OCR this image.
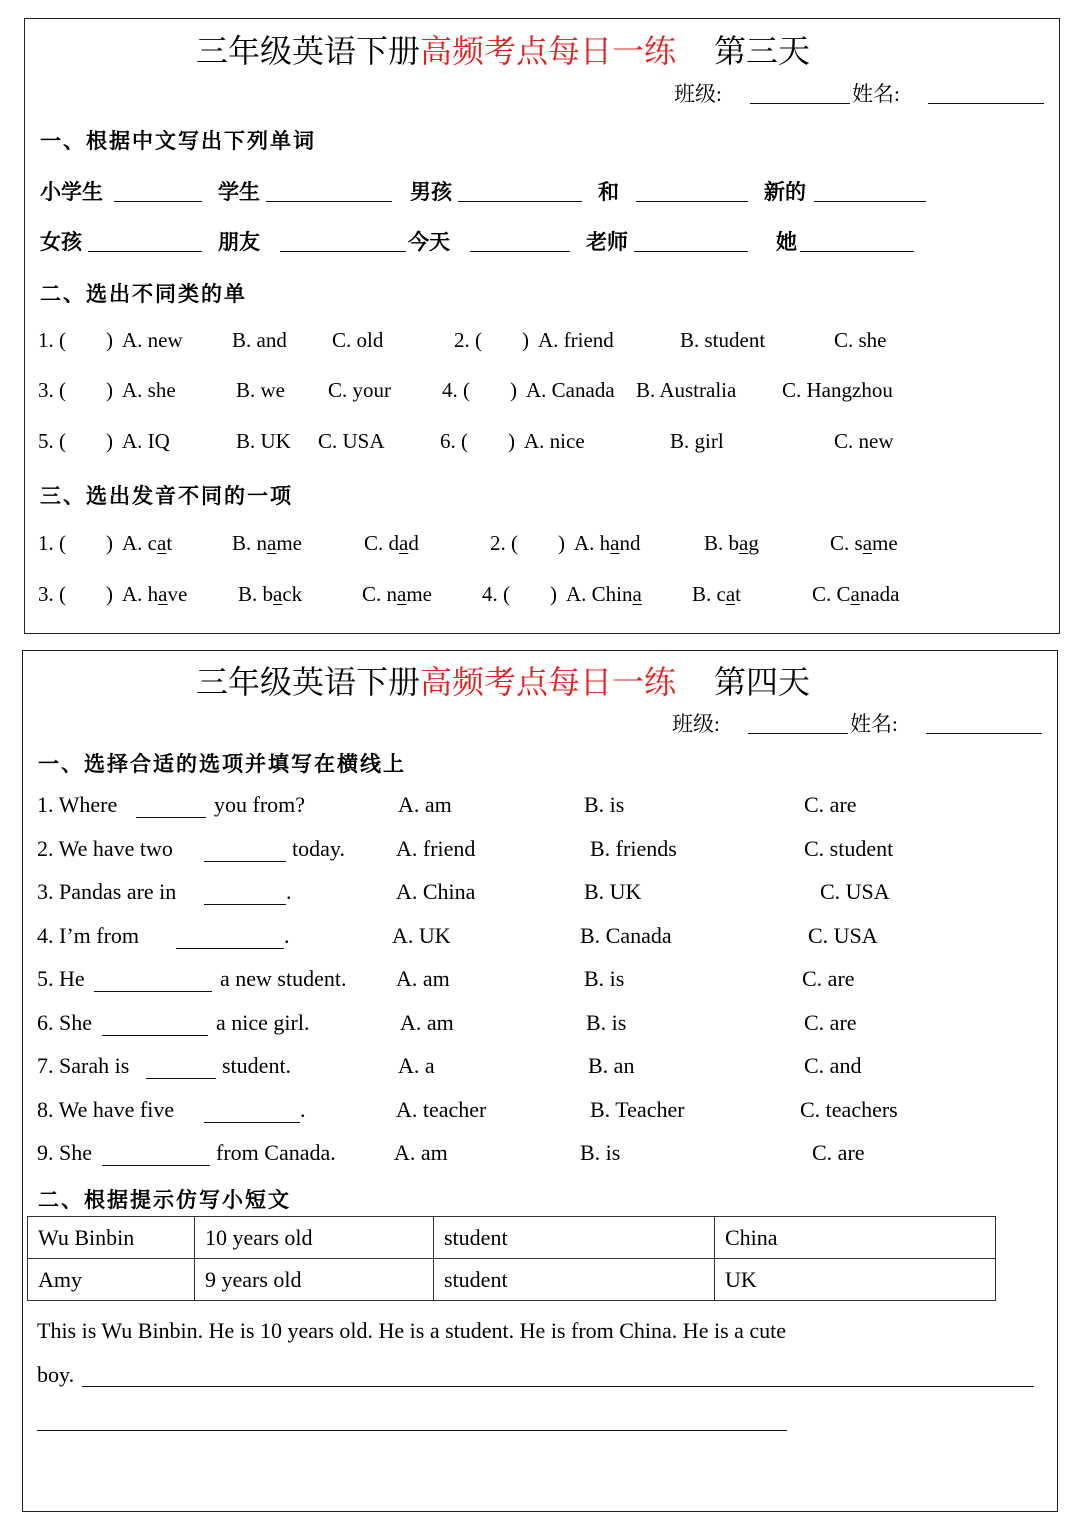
三年级英语下册高频考点每日一练 第三天
班级:	姓名:
一、根据中文写出下列单词
小学生	学生	男孩	和	新的
女孩	朋友	今天	老师	她
二、选出不同类的单
1. ( ) A. new B. and C. old	2. ( ) A. friend	B. student	C. she
3. ( ) A. she	B. we C. your 4. ( ) A. Canada B. Australia C. Hangzhou
5. ( ) A. IQ	B. UK C. USA	6. ( ) A. nice	B. girl	C. new
三、选出发音不同的一项
1. ( ) A. cat	B. name	C. dad	2. ( ) A. hand	B. bag	C. same
3. ( ) A. have B. back	C. name 4. ( ) A. China B. cat	C. Canada
三年级英语下册高频考点每日一练 第四天
班级:	姓名:
一、选择合适的选项并填写在横线上
1. Where	you from?	A. am	B. is	C. are
2. We have two	today. A. friend	B. friends	C. student
3. Pandas are in	.	A. China	B. UK	C. USA
4. I’m from	.	A. UK	B. Canada	C. USA
5. He	a new student. A. am	B. is	C. are
6. She	a nice girl.	A. am	B. is	C. are
7. Sarah is	student.	A. a	B. an	C. and
8. We have five	.	A. teacher	B. Teacher	C. teachers
9. She	from Canada.	A. am	B. is	C. are
二、根据提示仿写小短文
Wu Binbin	10 years old	student	China
Amy	9 years old	student	UK
This is Wu Binbin. He is 10 years old. He is a student. He is from China. He is a cute
boy.
